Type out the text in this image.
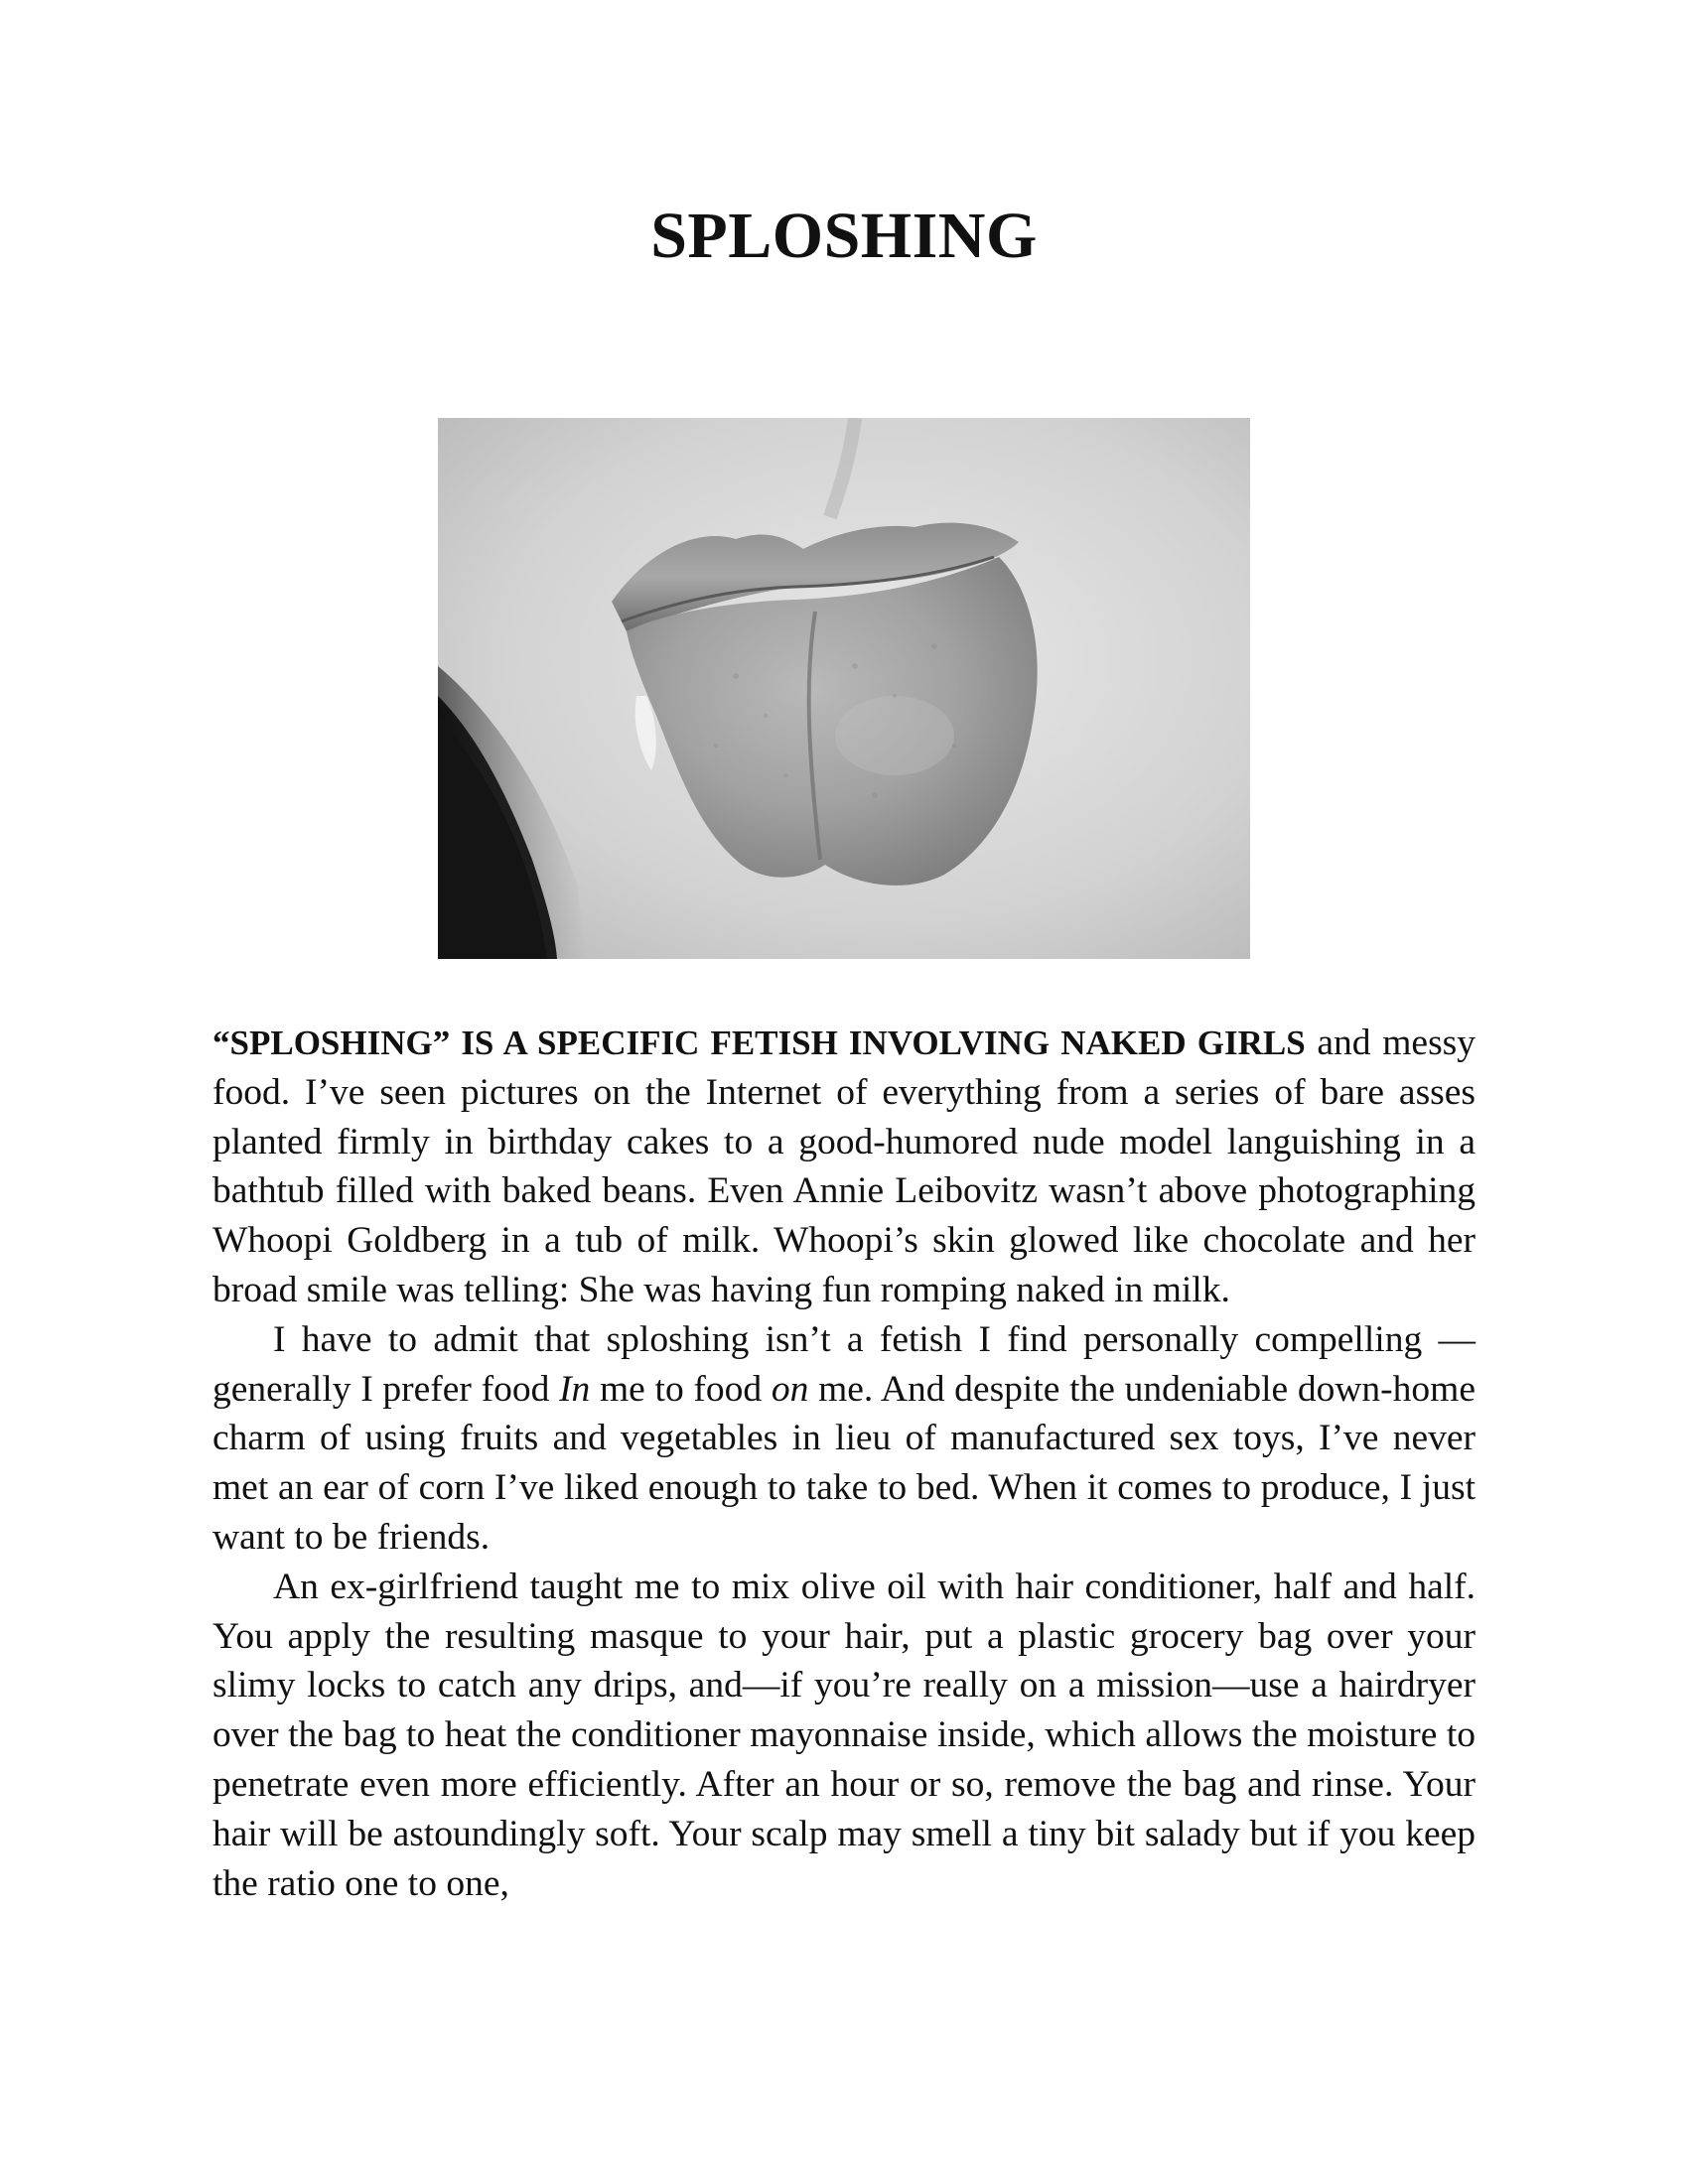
SPLOSHING

“SPLOSHING” IS A SPECIFIC FETISH INVOLVING NAKED GIRLS and messy food. I’ve seen pictures on the Internet of everything from a series of bare asses planted firmly in birthday cakes to a good-humored nude model languishing in a bathtub filled with baked beans. Even Annie Leibovitz wasn’t above photographing Whoopi Goldberg in a tub of milk. Whoopi’s skin glowed like chocolate and her broad smile was telling: She was having fun romping naked in milk.

I have to admit that sploshing isn’t a fetish I find personally compelling —generally I prefer food In me to food on me. And despite the undeniable down-home charm of using fruits and vegetables in lieu of manufactured sex toys, I’ve never met an ear of corn I’ve liked enough to take to bed. When it comes to produce, I just want to be friends.

An ex-girlfriend taught me to mix olive oil with hair conditioner, half and half. You apply the resulting masque to your hair, put a plastic grocery bag over your slimy locks to catch any drips, and—if you’re really on a mission—use a hairdryer over the bag to heat the conditioner mayonnaise inside, which allows the moisture to penetrate even more efficiently. After an hour or so, remove the bag and rinse. Your hair will be astoundingly soft. Your scalp may smell a tiny bit salady but if you keep the ratio one to one,
